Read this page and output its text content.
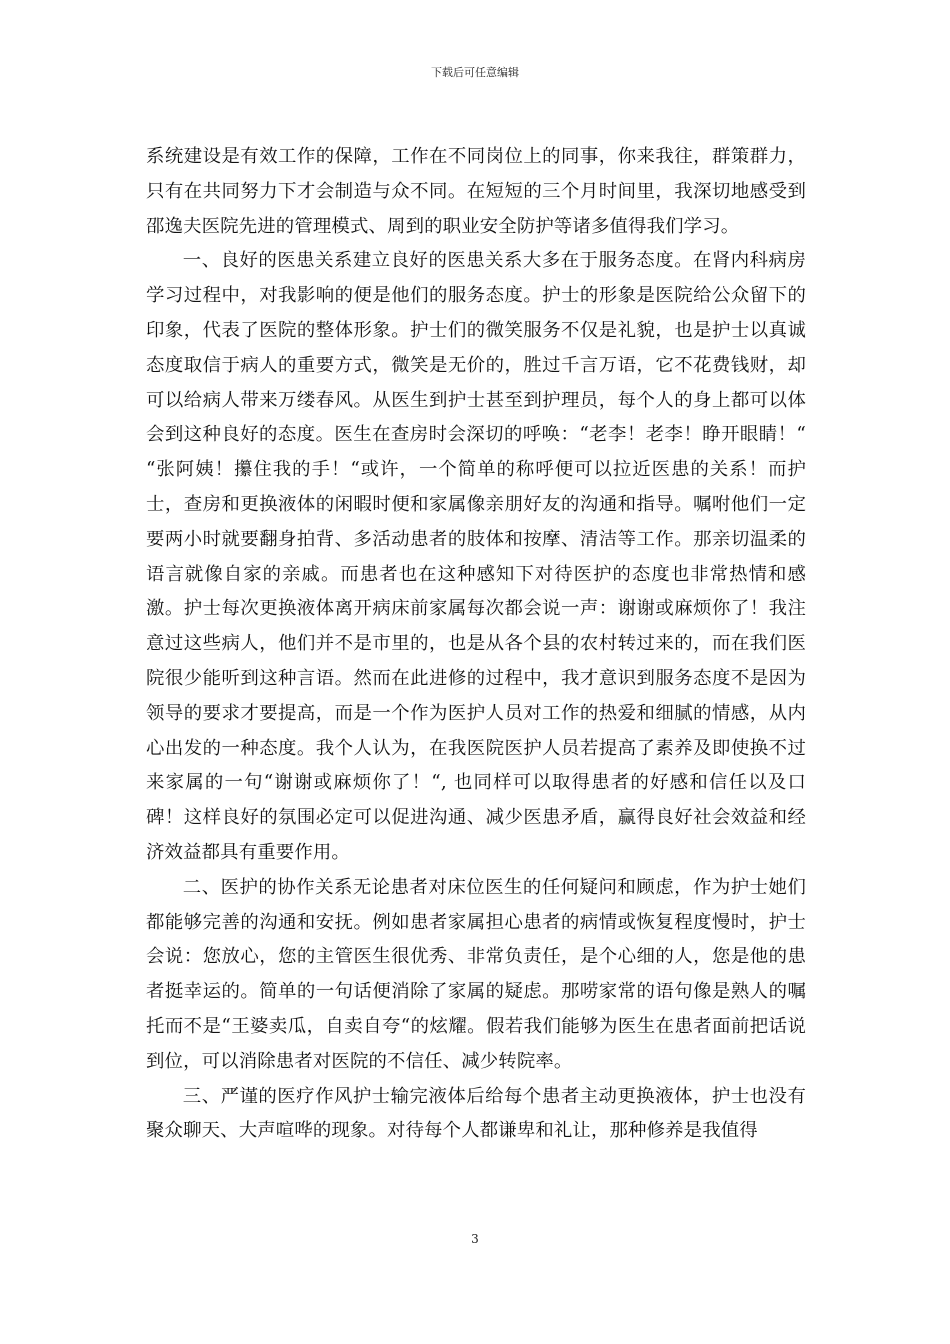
下载后可任意编辑

系统建设是有效工作的保障，工作在不同岗位上的同事，你来我往，群策群力，只有在共同努力下才会制造与众不同。在短短的三个月时间里，我深切地感受到邵逸夫医院先进的管理模式、周到的职业安全防护等诸多值得我们学习。

一、良好的医患关系建立良好的医患关系大多在于服务态度。在肾内科病房学习过程中，对我影响的便是他们的服务态度。护士的形象是医院给公众留下的印象，代表了医院的整体形象。护士们的微笑服务不仅是礼貌，也是护士以真诚态度取信于病人的重要方式，微笑是无价的，胜过千言万语，它不花费钱财，却可以给病人带来万缕春风。从医生到护士甚至到护理员，每个人的身上都可以体会到这种良好的态度。医生在查房时会深切的呼唤：“老李！老李！睁开眼睛！“ “张阿姨！攥住我的手！“或许，一个简单的称呼便可以拉近医患的关系！而护士，查房和更换液体的闲暇时便和家属像亲朋好友的沟通和指导。嘱咐他们一定要两小时就要翻身拍背、多活动患者的肢体和按摩、清洁等工作。那亲切温柔的语言就像自家的亲戚。而患者也在这种感知下对待医护的态度也非常热情和感激。护士每次更换液体离开病床前家属每次都会说一声：谢谢或麻烦你了！我注意过这些病人，他们并不是市里的，也是从各个县的农村转过来的，而在我们医院很少能听到这种言语。然而在此进修的过程中，我才意识到服务态度不是因为领导的要求才要提高，而是一个作为医护人员对工作的热爱和细腻的情感，从内心出发的一种态度。我个人认为，在我医院医护人员若提高了素养及即使换不过来家属的一句“谢谢或麻烦你了！“, 也同样可以取得患者的好感和信任以及口碑！这样良好的氛围必定可以促进沟通、减少医患矛盾，赢得良好社会效益和经济效益都具有重要作用。

二、医护的协作关系无论患者对床位医生的任何疑问和顾虑，作为护士她们都能够完善的沟通和安抚。例如患者家属担心患者的病情或恢复程度慢时，护士会说：您放心，您的主管医生很优秀、非常负责任，是个心细的人，您是他的患者挺幸运的。简单的一句话便消除了家属的疑虑。那唠家常的语句像是熟人的嘱托而不是“王婆卖瓜，自卖自夸“的炫耀。假若我们能够为医生在患者面前把话说到位，可以消除患者对医院的不信任、减少转院率。

三、严谨的医疗作风护士输完液体后给每个患者主动更换液体，护士也没有聚众聊天、大声喧哗的现象。对待每个人都谦卑和礼让，那种修养是我值得

3
